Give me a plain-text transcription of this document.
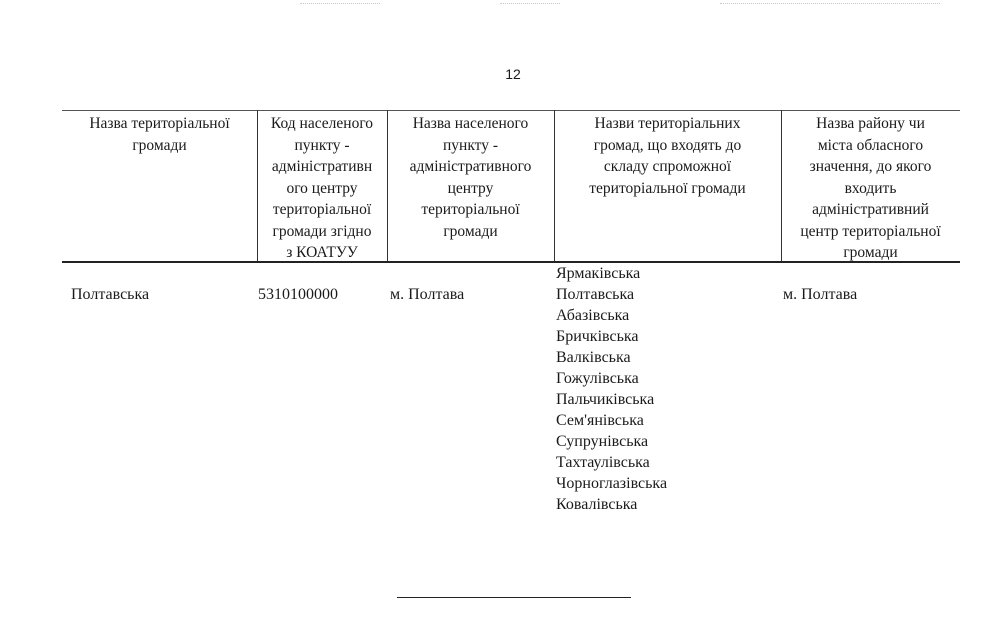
12
Назва територіальної
громади
Код населеного
пункту -
адміністративн
ого центру
територіальної
громади згідно
з КОАТУУ
Назва населеного
пункту -
адміністративного
центру
територіальної
громади
Назви територіальних
громад, що входять до
складу спроможної
територіальної громади
Назва району чи
міста обласного
значення, до якого
входить
адміністративний
центр територіальної
громади
Полтавська	5310100000	м. Полтава
Ярмаківська
Полтавська
Абазівська
Бричківська
Валківська
Гожулівська
Пальчиківська
Сем'янівська
Супрунівська
Тахтаулівська
Чорноглазівська
Ковалівська
м. Полтава
